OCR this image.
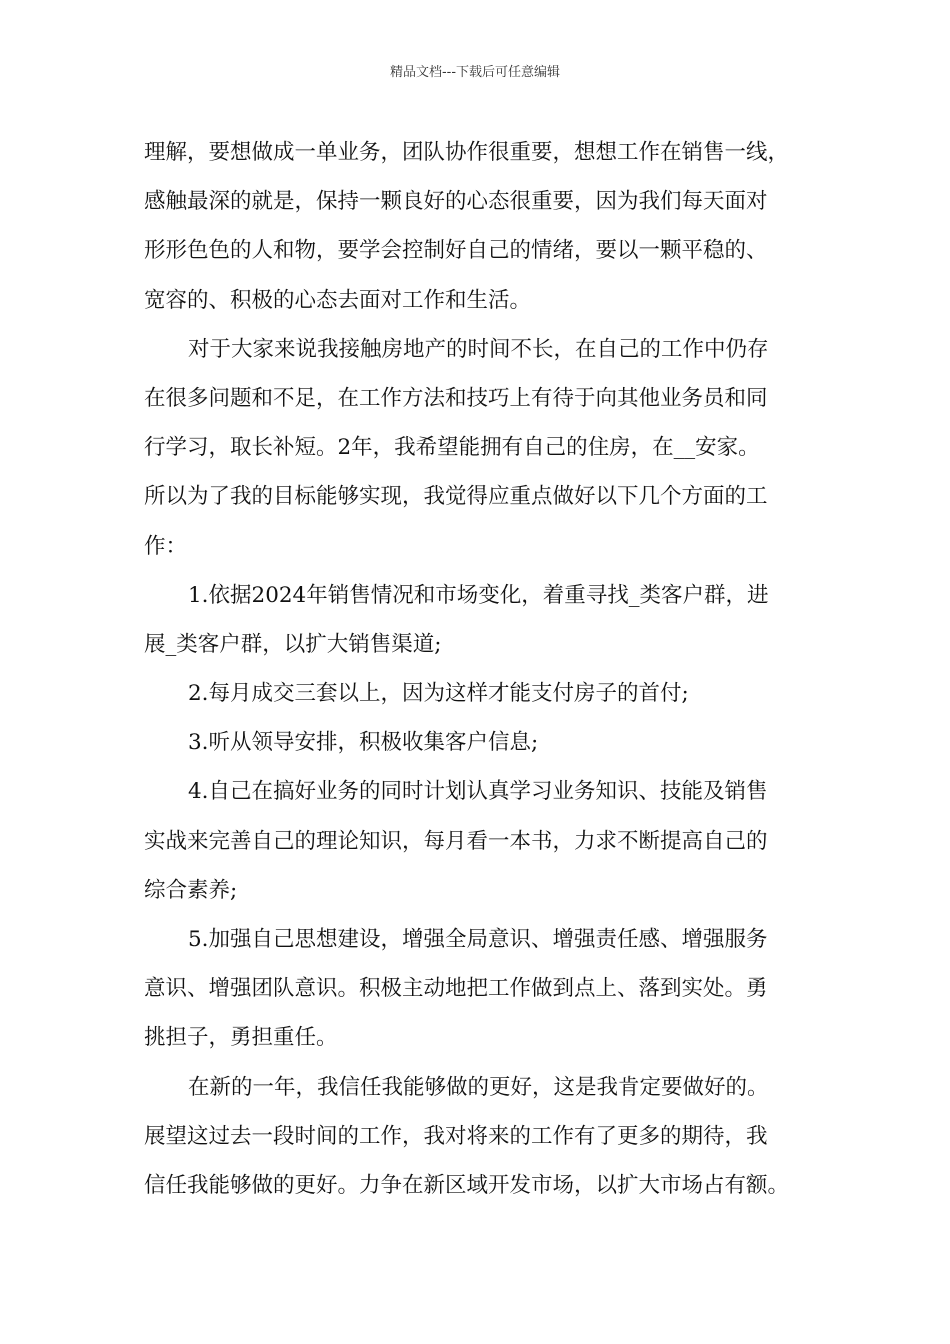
精品文档---下载后可任意编辑
理解，要想做成一单业务，团队协作很重要，想想工作在销售一线，
感触最深的就是，保持一颗良好的心态很重要，因为我们每天面对
形形色色的人和物，要学会控制好自己的情绪，要以一颗平稳的、
宽容的、积极的心态去面对工作和生活。
对于大家来说我接触房地产的时间不长，在自己的工作中仍存
在很多问题和不足，在工作方法和技巧上有待于向其他业务员和同
行学习，取长补短。2年，我希望能拥有自己的住房，在__安家。
所以为了我的目标能够实现，我觉得应重点做好以下几个方面的工
作：
1.依据2024年销售情况和市场变化，着重寻找_类客户群，进
展_类客户群，以扩大销售渠道;
2.每月成交三套以上，因为这样才能支付房子的首付;
3.听从领导安排，积极收集客户信息;
4.自己在搞好业务的同时计划认真学习业务知识、技能及销售
实战来完善自己的理论知识，每月看一本书，力求不断提高自己的
综合素养;
5.加强自己思想建设，增强全局意识、增强责任感、增强服务
意识、增强团队意识。积极主动地把工作做到点上、落到实处。勇
挑担子，勇担重任。
在新的一年，我信任我能够做的更好，这是我肯定要做好的。
展望这过去一段时间的工作，我对将来的工作有了更多的期待，我
信任我能够做的更好。力争在新区域开发市场，以扩大市场占有额。
